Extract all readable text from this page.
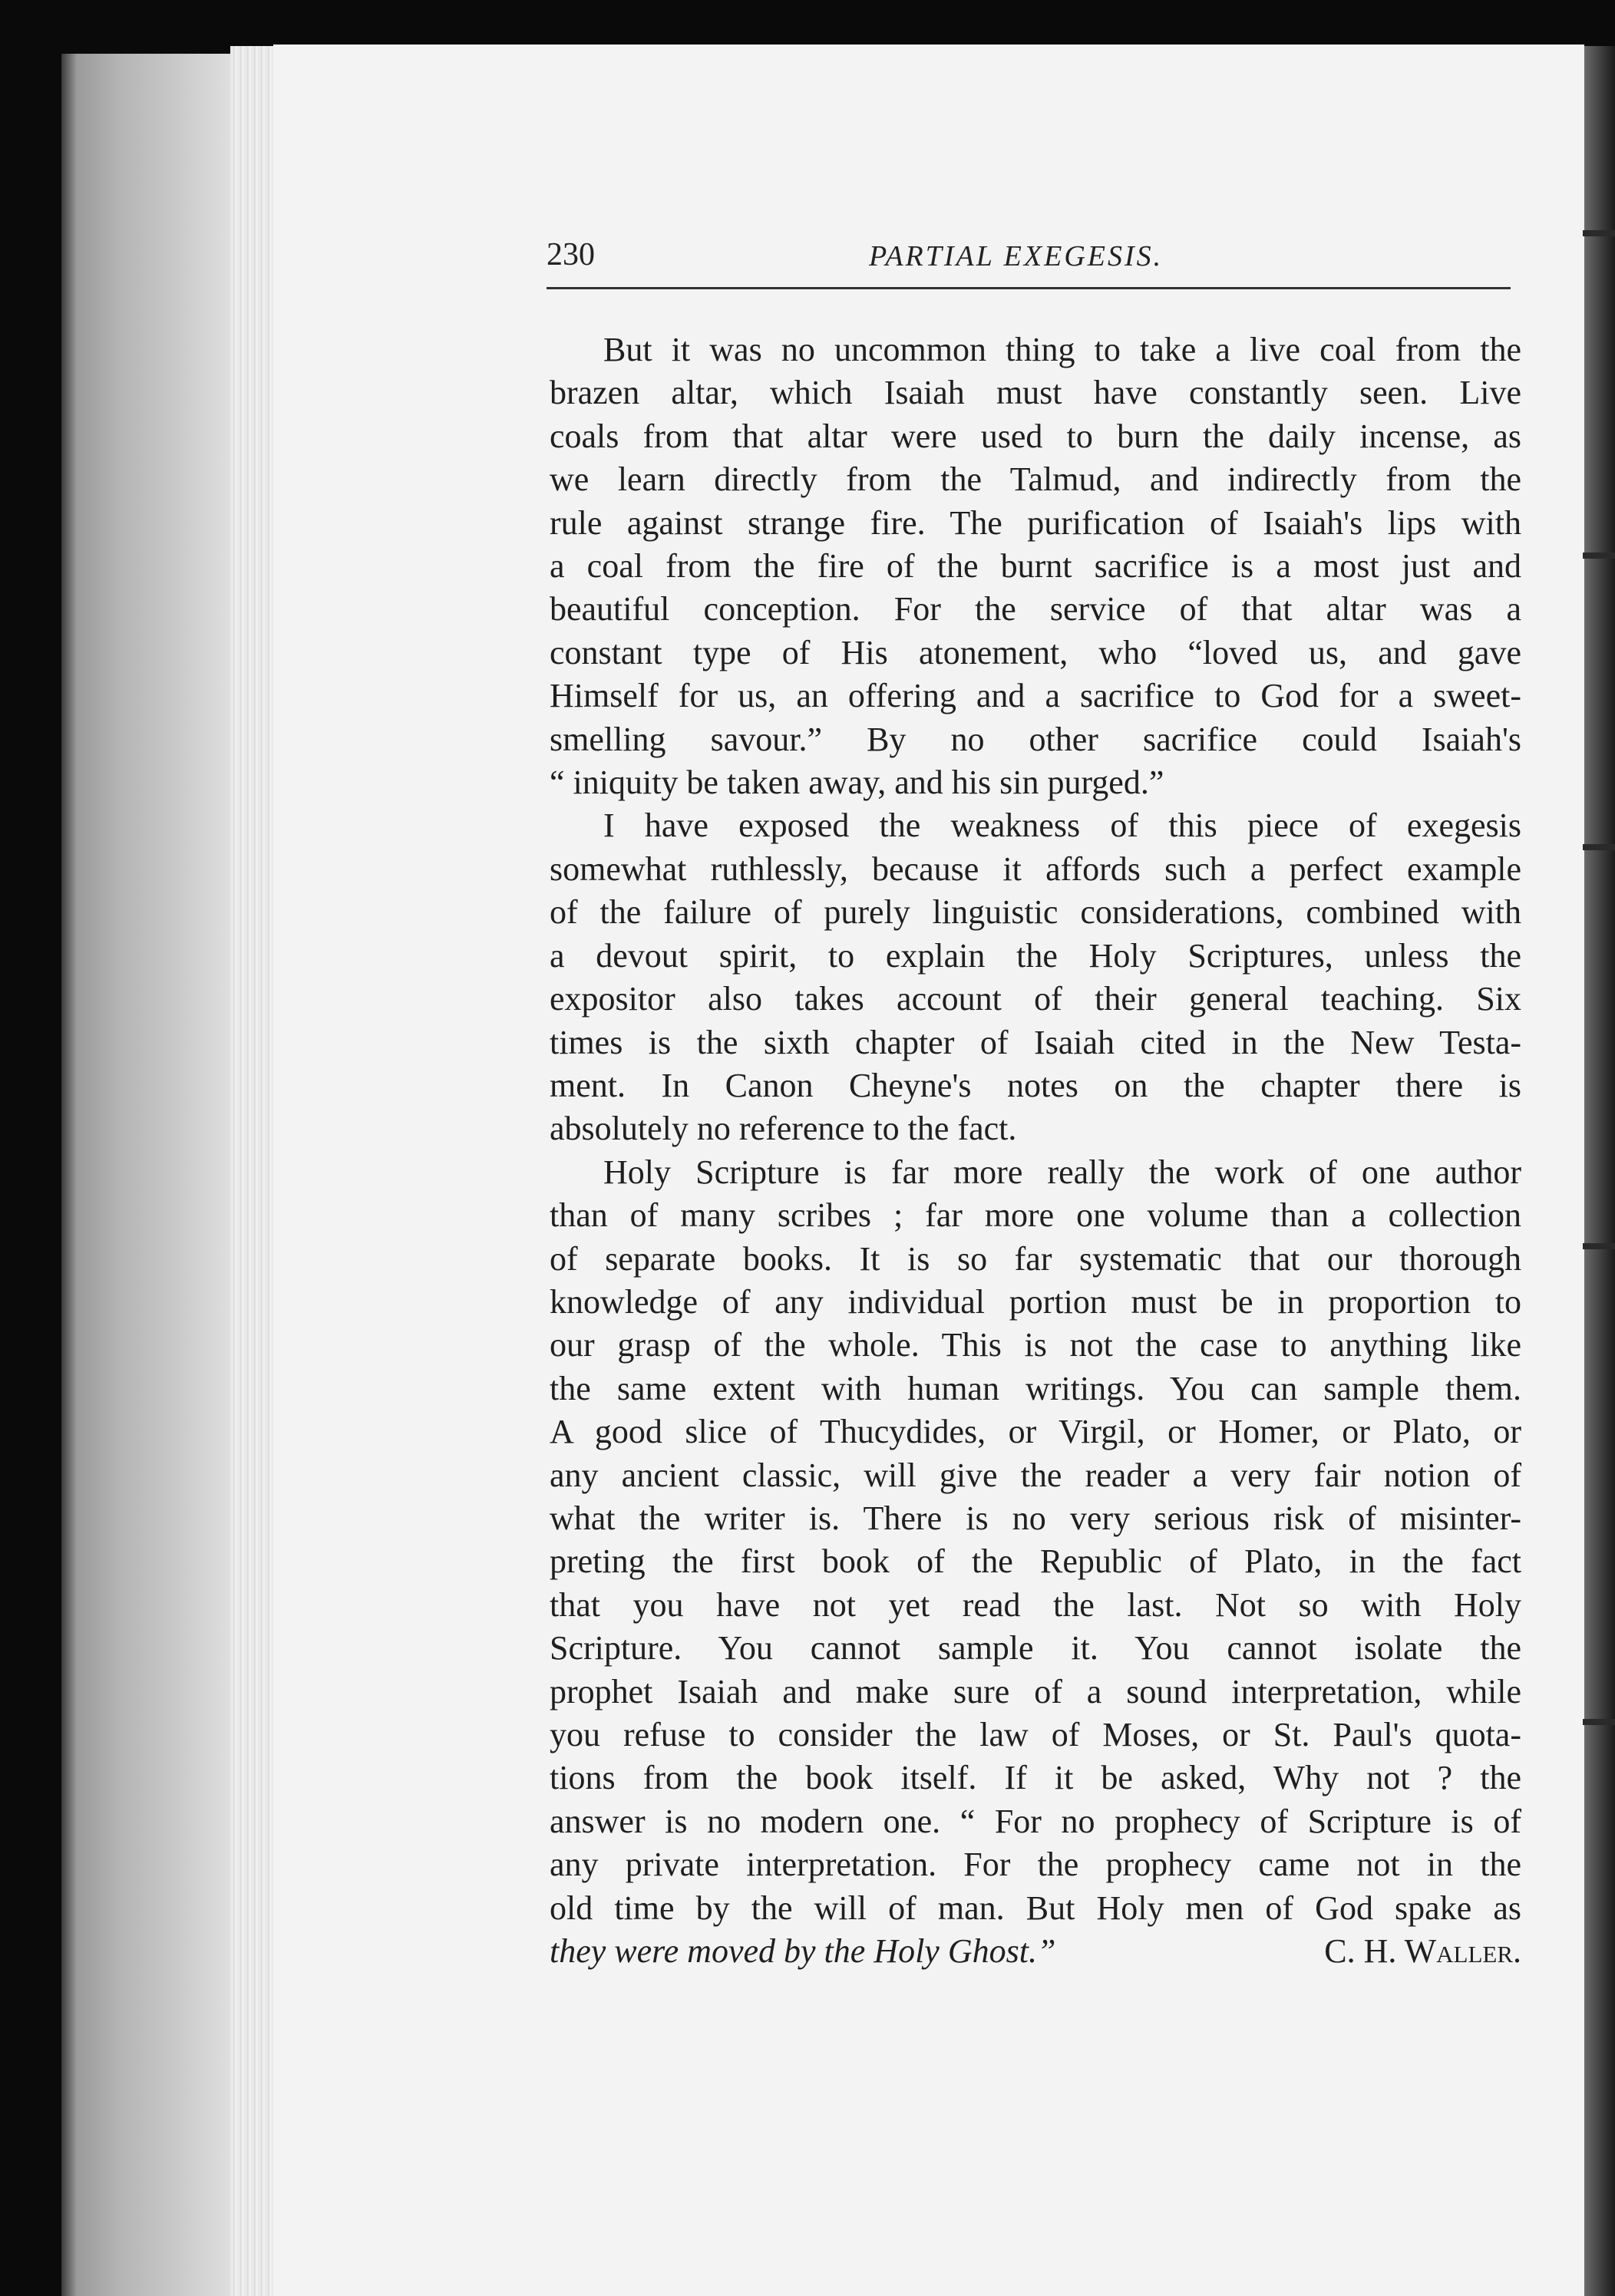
230	PARTIAL EXEGESIS.
But it was no uncommon thing to take a live coal from the
brazen altar, which Isaiah must have constantly seen. Live
coals from that altar were used to burn the daily incense, as
we learn directly from the Talmud, and indirectly from the
rule against strange fire. The purification of Isaiah's lips with
a coal from the fire of the burnt sacrifice is a most just and
beautiful conception. For the service of that altar was a
constant type of His atonement, who “loved us, and gave
Himself for us, an offering and a sacrifice to God for a sweet-
smelling savour.” By no other sacrifice could Isaiah's
“ iniquity be taken away, and his sin purged.”
I have exposed the weakness of this piece of exegesis
somewhat ruthlessly, because it affords such a perfect example
of the failure of purely linguistic considerations, combined with
a devout spirit, to explain the Holy Scriptures, unless the
expositor also takes account of their general teaching. Six
times is the sixth chapter of Isaiah cited in the New Testa-
ment. In Canon Cheyne's notes on the chapter there is
absolutely no reference to the fact.
Holy Scripture is far more really the work of one author
than of many scribes ; far more one volume than a collection
of separate books. It is so far systematic that our thorough
knowledge of any individual portion must be in proportion to
our grasp of the whole. This is not the case to anything like
the same extent with human writings. You can sample them.
A good slice of Thucydides, or Virgil, or Homer, or Plato, or
any ancient classic, will give the reader a very fair notion of
what the writer is. There is no very serious risk of misinter-
preting the first book of the Republic of Plato, in the fact
that you have not yet read the last. Not so with Holy
Scripture. You cannot sample it. You cannot isolate the
prophet Isaiah and make sure of a sound interpretation, while
you refuse to consider the law of Moses, or St. Paul's quota-
tions from the book itself. If it be asked, Why not ? the
answer is no modern one. “ For no prophecy of Scripture is of
any private interpretation. For the prophecy came not in the
old time by the will of man. But Holy men of God spake as
they were moved by the Holy Ghost.”	C. H. Waller.
